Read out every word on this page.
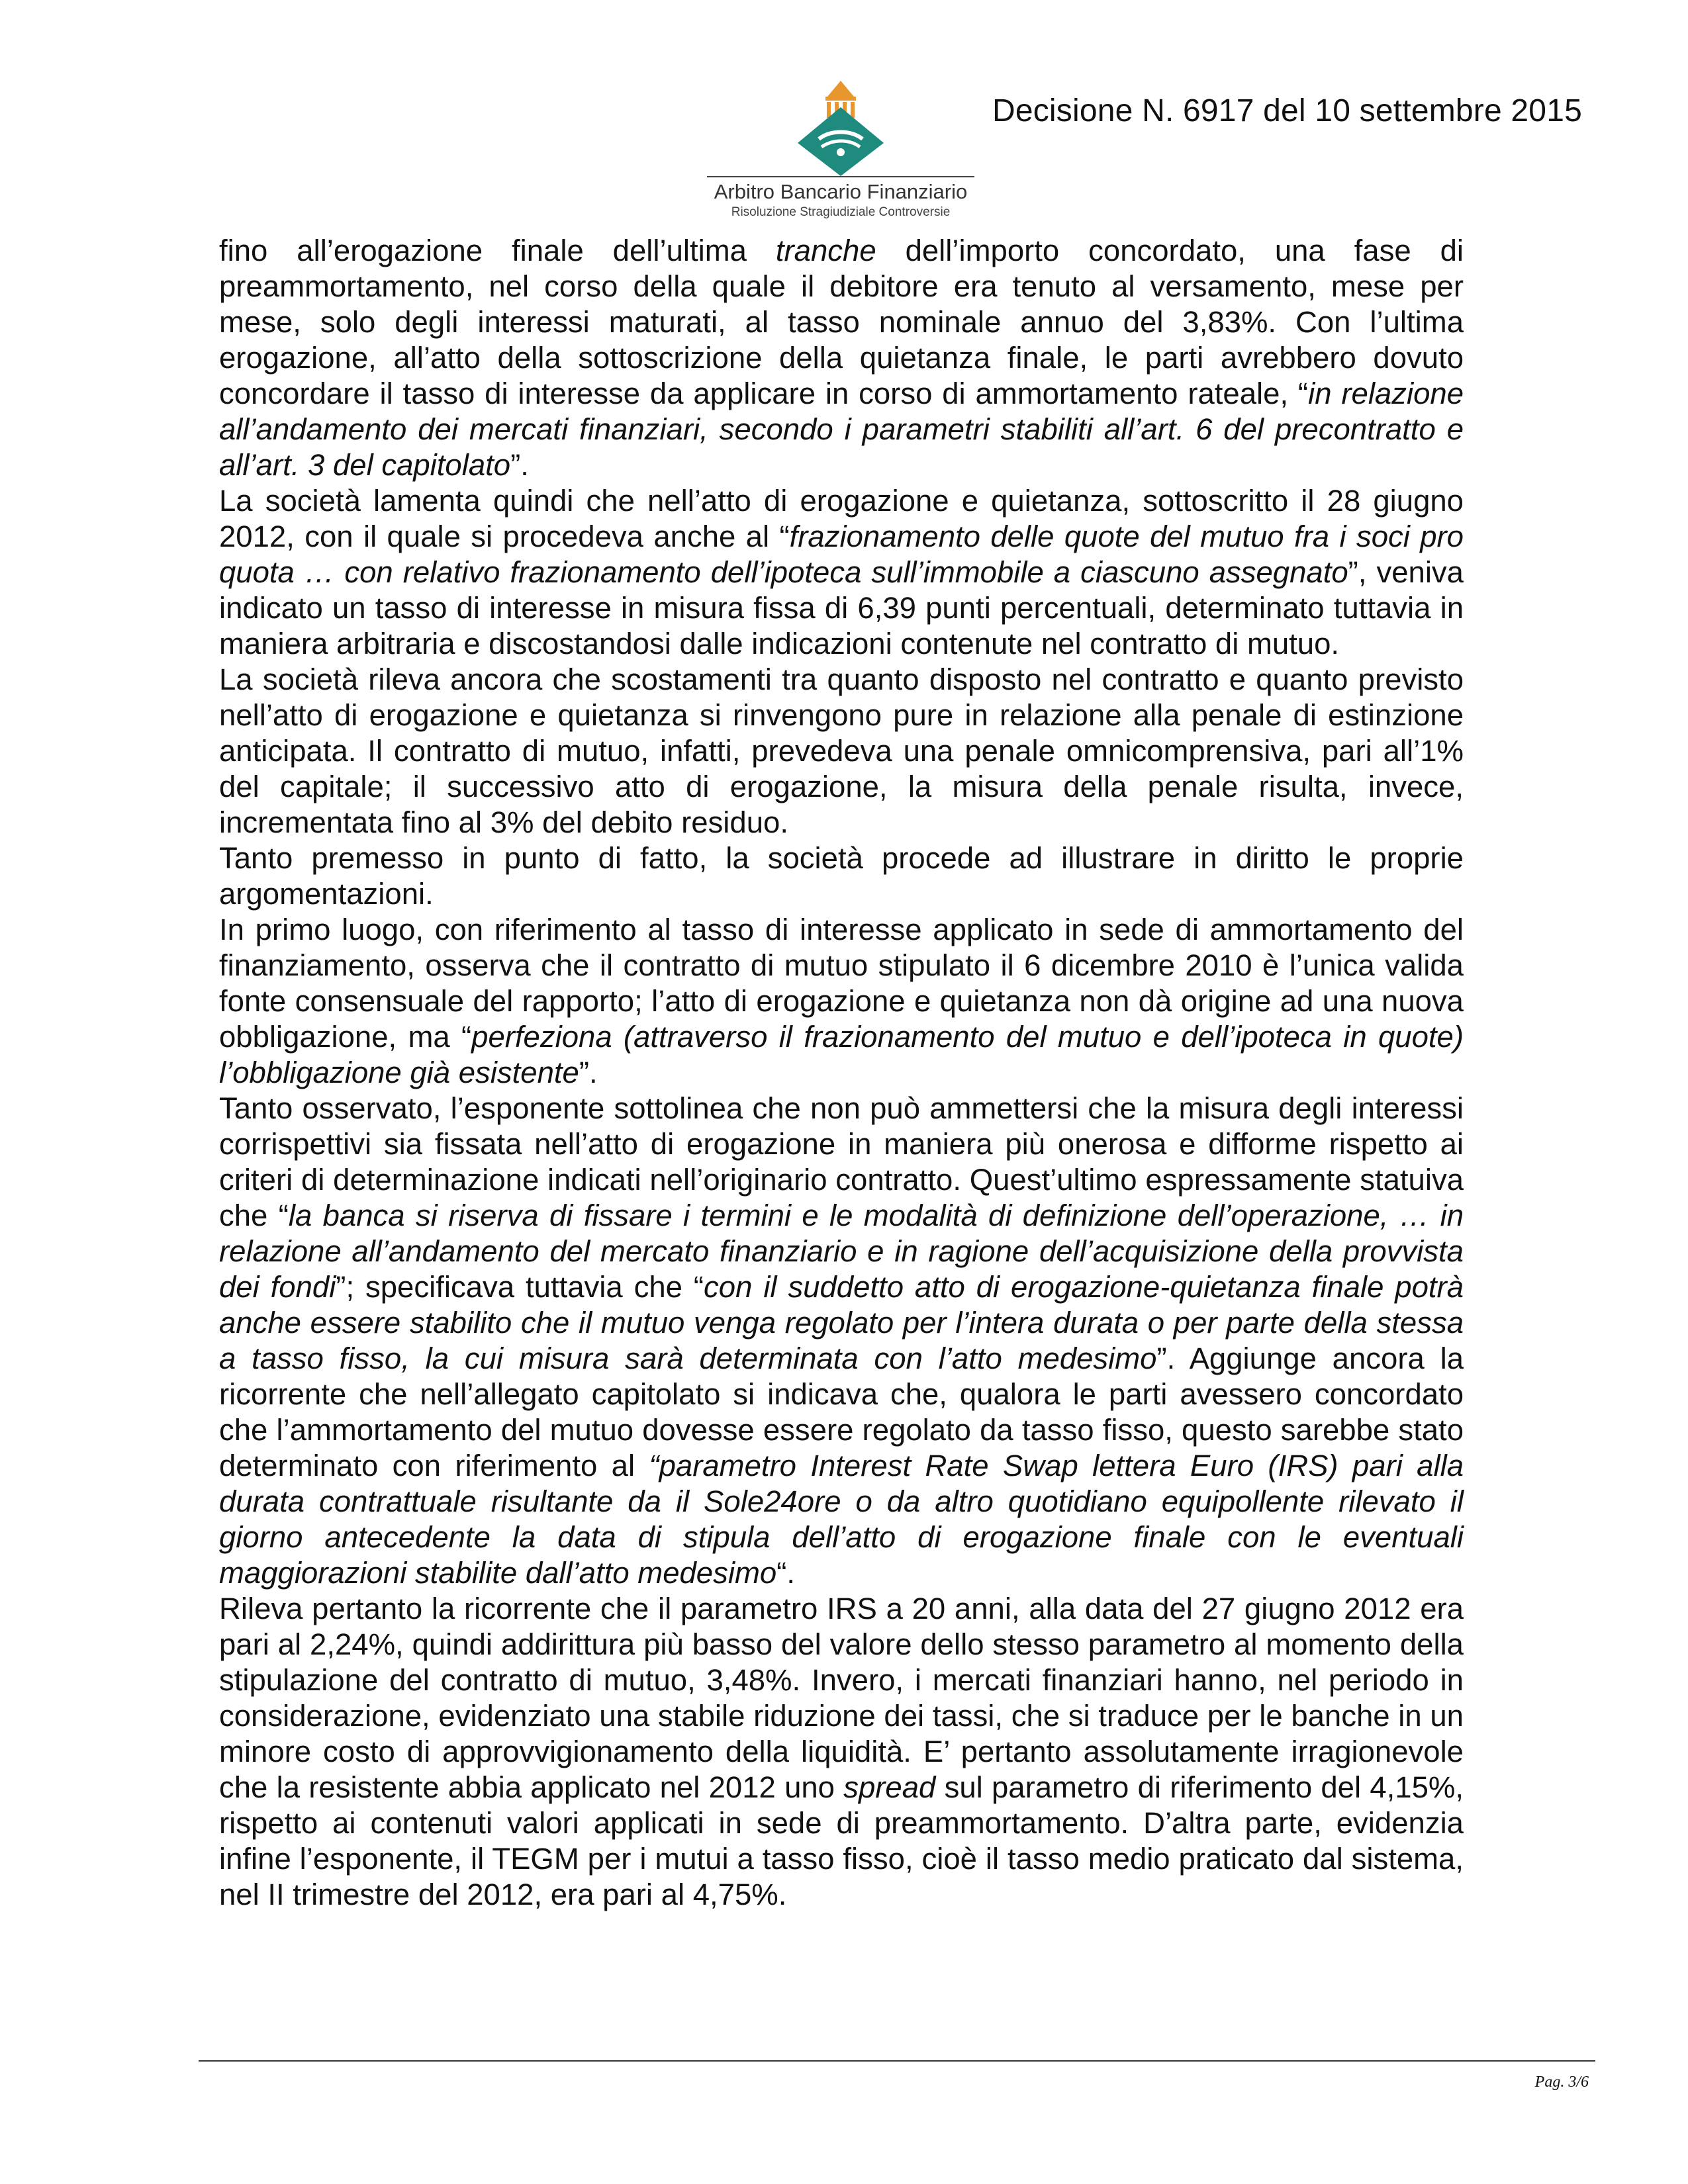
Arbitro Bancario Finanziario
Risoluzione Stragiudiziale Controversie
Decisione N. 6917 del 10 settembre 2015

fino all’erogazione finale dell’ultima tranche dell’importo concordato, una fase di preammortamento, nel corso della quale il debitore era tenuto al versamento, mese per mese, solo degli interessi maturati, al tasso nominale annuo del 3,83%. Con l’ultima erogazione, all’atto della sottoscrizione della quietanza finale, le parti avrebbero dovuto concordare il tasso di interesse da applicare in corso di ammortamento rateale, “in relazione all’andamento dei mercati finanziari, secondo i parametri stabiliti all’art. 6 del precontratto e all’art. 3 del capitolato”.

La società lamenta quindi che nell’atto di erogazione e quietanza, sottoscritto il 28 giugno 2012, con il quale si procedeva anche al “frazionamento delle quote del mutuo fra i soci pro quota … con relativo frazionamento dell’ipoteca sull’immobile a ciascuno assegnato”, veniva indicato un tasso di interesse in misura fissa di 6,39 punti percentuali, determinato tuttavia in maniera arbitraria e discostandosi dalle indicazioni contenute nel contratto di mutuo.

La società rileva ancora che scostamenti tra quanto disposto nel contratto e quanto previsto nell’atto di erogazione e quietanza si rinvengono pure in relazione alla penale di estinzione anticipata. Il contratto di mutuo, infatti, prevedeva una penale omnicomprensiva, pari all’1% del capitale; il successivo atto di erogazione, la misura della penale risulta, invece, incrementata fino al 3% del debito residuo.

Tanto premesso in punto di fatto, la società procede ad illustrare in diritto le proprie argomentazioni.

In primo luogo, con riferimento al tasso di interesse applicato in sede di ammortamento del finanziamento, osserva che il contratto di mutuo stipulato il 6 dicembre 2010 è l’unica valida fonte consensuale del rapporto; l’atto di erogazione e quietanza non dà origine ad una nuova obbligazione, ma “perfeziona (attraverso il frazionamento del mutuo e dell’ipoteca in quote) l’obbligazione già esistente”.

Tanto osservato, l’esponente sottolinea che non può ammettersi che la misura degli interessi corrispettivi sia fissata nell’atto di erogazione in maniera più onerosa e difforme rispetto ai criteri di determinazione indicati nell’originario contratto. Quest’ultimo espressamente statuiva che “la banca si riserva di fissare i termini e le modalità di definizione dell’operazione, … in relazione all’andamento del mercato finanziario e in ragione dell’acquisizione della provvista dei fondi”; specificava tuttavia che “con il suddetto atto di erogazione-quietanza finale potrà anche essere stabilito che il mutuo venga regolato per l’intera durata o per parte della stessa a tasso fisso, la cui misura sarà determinata con l’atto medesimo”. Aggiunge ancora la ricorrente che nell’allegato capitolato si indicava che, qualora le parti avessero concordato che l’ammortamento del mutuo dovesse essere regolato da tasso fisso, questo sarebbe stato determinato con riferimento al “parametro Interest Rate Swap lettera Euro (IRS) pari alla durata contrattuale risultante da il Sole24ore o da altro quotidiano equipollente rilevato il giorno antecedente la data di stipula dell’atto di erogazione finale con le eventuali maggiorazioni stabilite dall’atto medesimo“.

Rileva pertanto la ricorrente che il parametro IRS a 20 anni, alla data del 27 giugno 2012 era pari al 2,24%, quindi addirittura più basso del valore dello stesso parametro al momento della stipulazione del contratto di mutuo, 3,48%. Invero, i mercati finanziari hanno, nel periodo in considerazione, evidenziato una stabile riduzione dei tassi, che si traduce per le banche in un minore costo di approvvigionamento della liquidità. E’ pertanto assolutamente irragionevole che la resistente abbia applicato nel 2012 uno spread sul parametro di riferimento del 4,15%, rispetto ai contenuti valori applicati in sede di preammortamento. D’altra parte, evidenzia infine l’esponente, il TEGM per i mutui a tasso fisso, cioè il tasso medio praticato dal sistema, nel II trimestre del 2012, era pari al 4,75%.

Pag. 3/6
